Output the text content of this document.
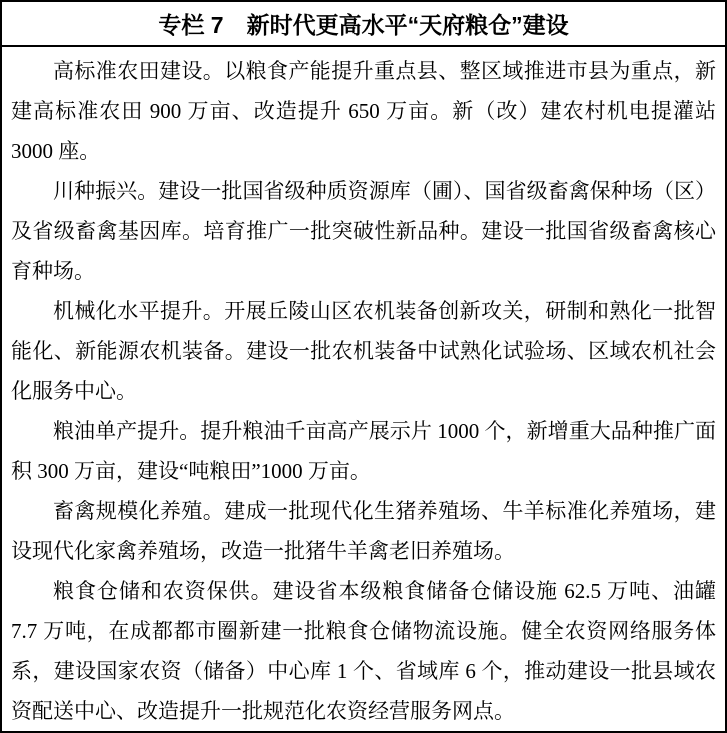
专栏 7　新时代更高水平“天府粮仓”建设

高标准农田建设。以粮食产能提升重点县、整区域推进市县为重点，新建高标准农田 900 万亩、改造提升 650 万亩。新（改）建农村机电提灌站 3000 座。

川种振兴。建设一批国省级种质资源库（圃）、国省级畜禽保种场（区）及省级畜禽基因库。培育推广一批突破性新品种。建设一批国省级畜禽核心育种场。

机械化水平提升。开展丘陵山区农机装备创新攻关，研制和熟化一批智能化、新能源农机装备。建设一批农机装备中试熟化试验场、区域农机社会化服务中心。

粮油单产提升。提升粮油千亩高产展示片 1000 个，新增重大品种推广面积 300 万亩，建设“吨粮田”1000 万亩。

畜禽规模化养殖。建成一批现代化生猪养殖场、牛羊标准化养殖场，建设现代化家禽养殖场，改造一批猪牛羊禽老旧养殖场。

粮食仓储和农资保供。建设省本级粮食储备仓储设施 62.5 万吨、油罐 7.7 万吨，在成都都市圈新建一批粮食仓储物流设施。健全农资网络服务体系，建设国家农资（储备）中心库 1 个、省域库 6 个，推动建设一批县域农资配送中心、改造提升一批规范化农资经营服务网点。
